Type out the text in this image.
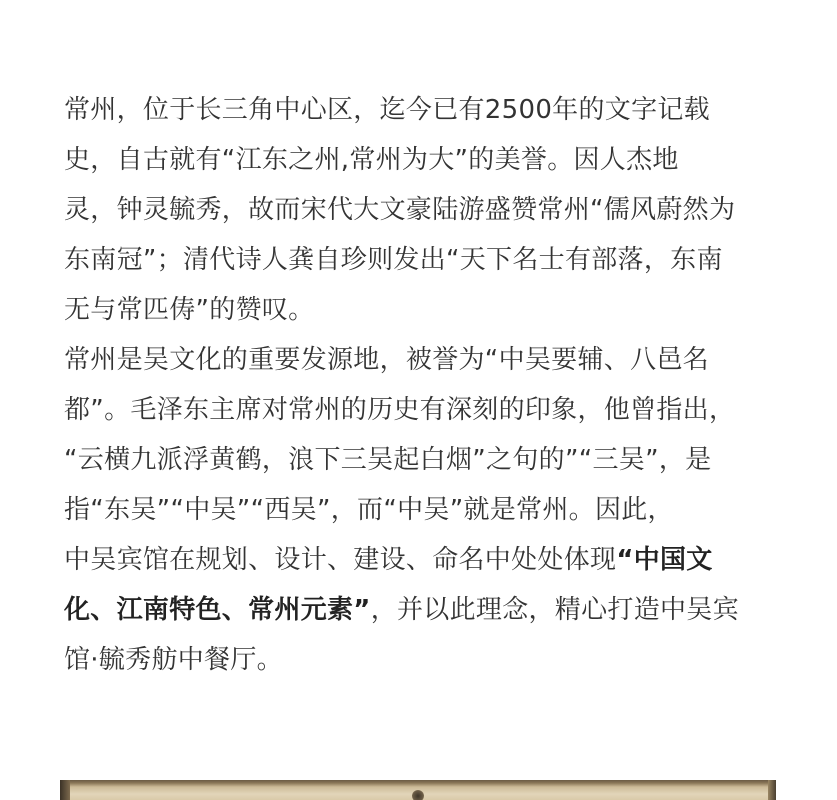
常州，位于长三角中心区，迄今已有2500年的文字记载
史，自古就有“江东之州,常州为大”的美誉。因人杰地
灵，钟灵毓秀，故而宋代大文豪陆游盛赞常州“儒风蔚然为
东南冠”；清代诗人龚自珍则发出“天下名士有部落，东南
无与常匹俦”的赞叹。
常州是吴文化的重要发源地，被誉为“中吴要辅、八邑名
都”。毛泽东主席对常州的历史有深刻的印象，他曾指出，
“云横九派浮黄鹤，浪下三吴起白烟”之句的”“三吴”，是
指“东吴”“中吴”“西吴”，而“中吴”就是常州。因此，
中吴宾馆在规划、设计、建设、命名中处处体现“中国文
化、江南特色、常州元素”，并以此理念，精心打造中吴宾
馆·毓秀舫中餐厅。
